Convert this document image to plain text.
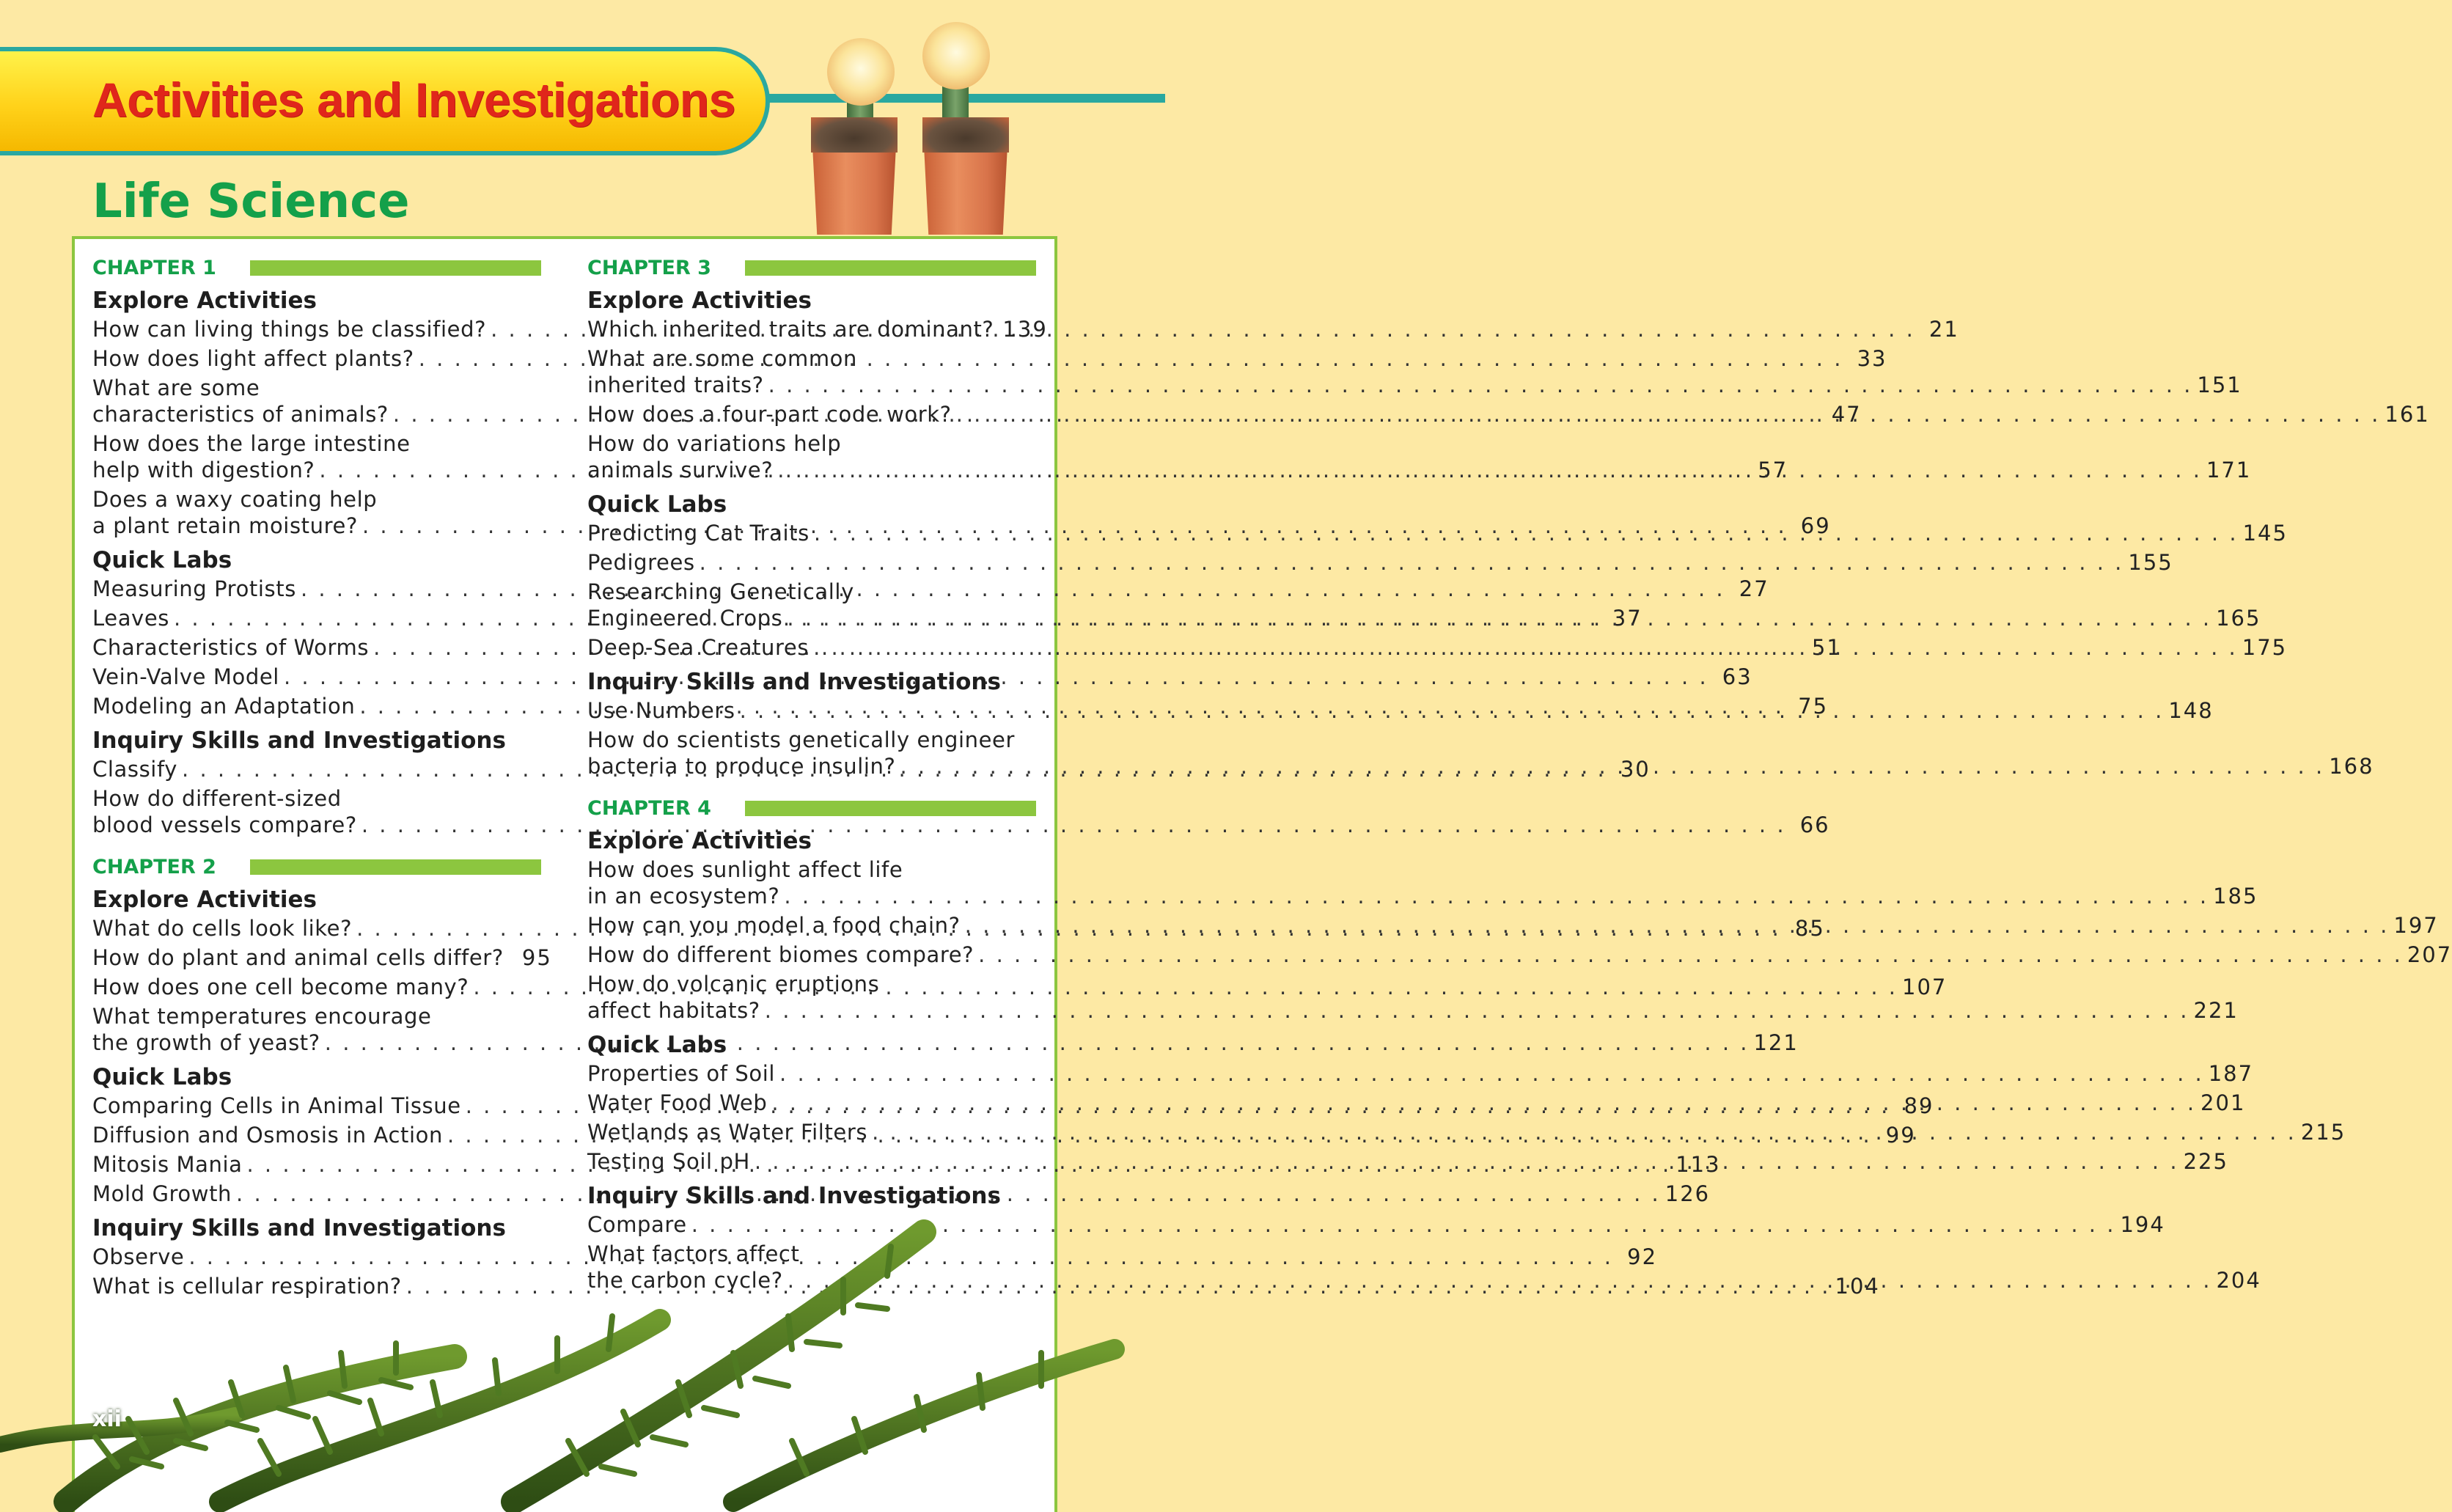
Activities and Investigations
Life Science
CHAPTER 1
Explore Activities
How can living things be classified? . . .	21
How does light affect plants? . . .	33
What are some
characteristics of animals? . . .	47
How does the large intestine
help with digestion? . . .	57
Does a waxy coating help
a plant retain moisture? . . .	69
Quick Labs
Measuring Protists . . .	27
Leaves . . .	37
Characteristics of Worms . . .	51
Vein-Valve Model . . .	63
Modeling an Adaptation . . .	75
Inquiry Skills and Investigations
Classify . . .	30
How do different-sized
blood vessels compare? . . .	66
CHAPTER 2
Explore Activities
What do cells look like? . . .	85
How do plant and animal cells differ? 95
How does one cell become many? . . .	107
What temperatures encourage
the growth of yeast? . . .	121
Quick Labs
Comparing Cells in Animal Tissue . . .	89
Diffusion and Osmosis in Action . . .	99
Mitosis Mania . . .	113
Mold Growth . . .	126
Inquiry Skills and Investigations
Observe . . .	92
What is cellular respiration? . . .	104
CHAPTER 3
Explore Activities
Which inherited traits are dominant? 139
What are some common
inherited traits? . . .	151
How does a four-part code work? . . .	161
How do variations help
animals survive? . . .	171
Quick Labs
Predicting Cat Traits . . .	145
Pedigrees . . .	155
Researching Genetically
Engineered Crops . . .	165
Deep-Sea Creatures . . .	175
Inquiry Skills and Investigations
Use Numbers . . .	148
How do scientists genetically engineer
bacteria to produce insulin? . . .	168
CHAPTER 4
Explore Activities
How does sunlight affect life
in an ecosystem? . . .	185
How can you model a food chain? . . .	197
How do different biomes compare? . . .	207
How do volcanic eruptions
affect habitats? . . .	221
Quick Labs
Properties of Soil . . .	187
Water Food Web . . .	201
Wetlands as Water Filters . . .	215
Testing Soil pH . . .	225
Inquiry Skills and Investigations
Compare . . .	194
What factors affect
the carbon cycle? . . .	204
xii
